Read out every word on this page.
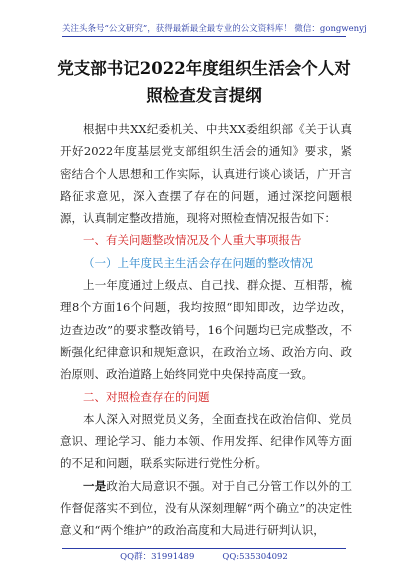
关注头条号“公文研究”，获得最新最全最专业的公文资料库！ 微信：gongwenyj
党支部书记2022年度组织生活会个人对
照检查发言提纲

根据中共XX纪委机关、中共XX委组织部《关于认真开好2022年度基层党支部组织生活会的通知》要求，紧密结合个人思想和工作实际，认真进行谈心谈话，广开言路征求意见，深入查摆了存在的问题，通过深挖问题根源，认真制定整改措施，现将对照检查情况报告如下：

一、有关问题整改情况及个人重大事项报告

（一）上年度民主生活会存在问题的整改情况

上一年度通过上级点、自己找、群众提、互相帮，梳理8个方面16个问题，我均按照“即知即改，边学边改，边查边改”的要求整改销号，16个问题均已完成整改，不断强化纪律意识和规矩意识，在政治立场、政治方向、政治原则、政治道路上始终同党中央保持高度一致。

二、对照检查存在的问题

本人深入对照党员义务，全面查找在政治信仰、党员意识、理论学习、能力本领、作用发挥、纪律作风等方面的不足和问题，联系实际进行党性分析。

一是政治大局意识不强。对于自己分管工作以外的工作督促落实不到位，没有从深刻理解“两个确立”的决定性意义和“两个维护”的政治高度和大局进行研判认识，

QQ群：31991489	QQ:535304092
